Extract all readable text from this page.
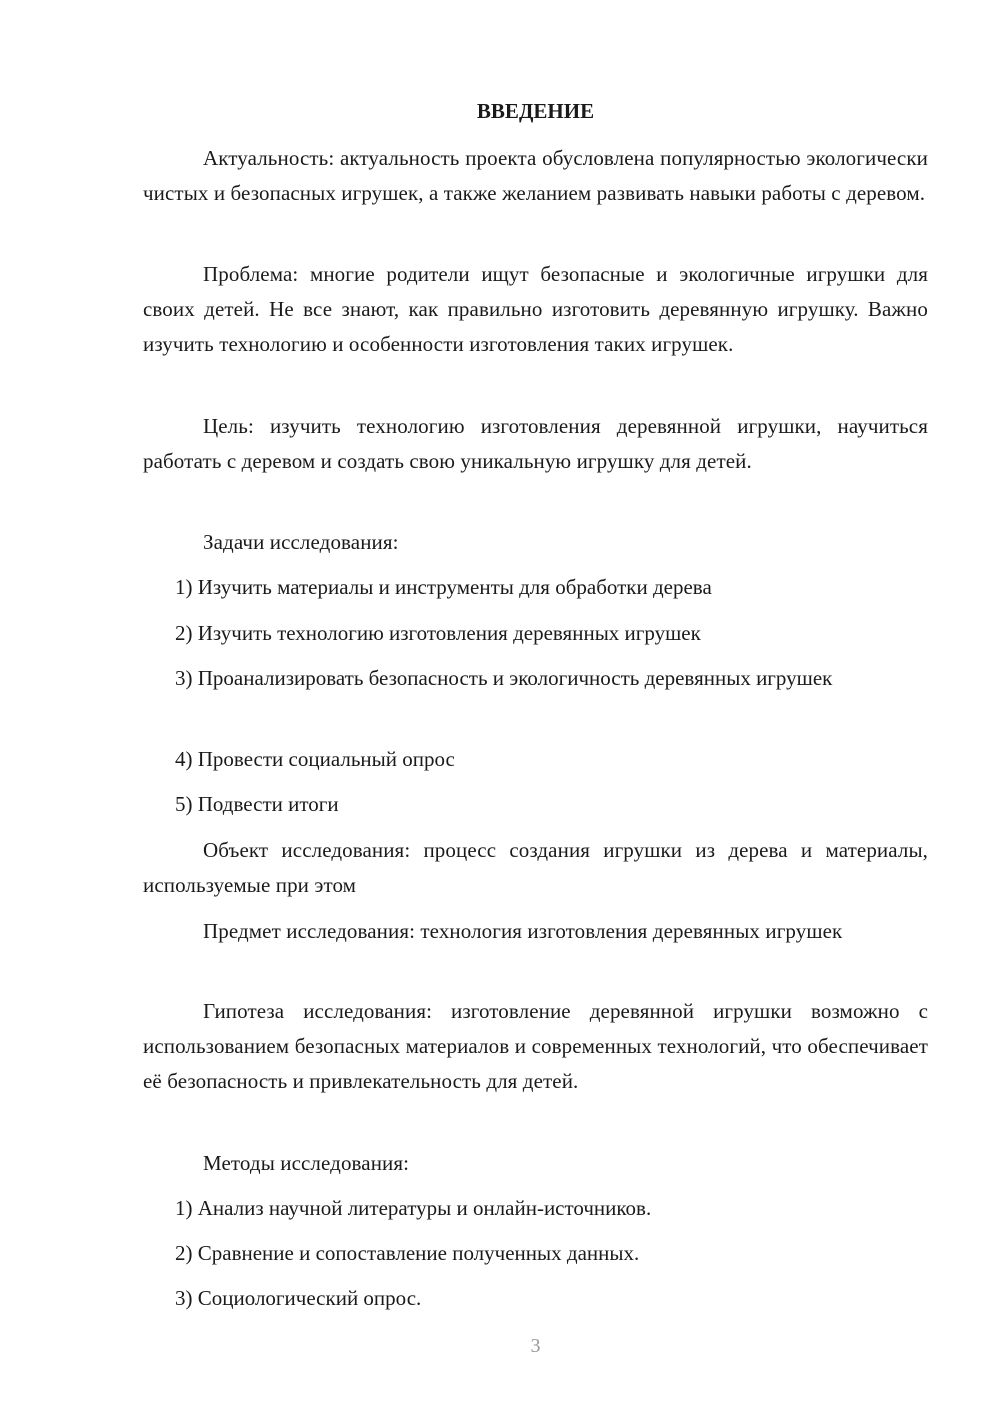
ВВЕДЕНИЕ

Актуальность: актуальность проекта обусловлена популярностью экологически чистых и безопасных игрушек, а также желанием развивать навыки работы с деревом.

Проблема: многие родители ищут безопасные и экологичные игрушки для своих детей. Не все знают, как правильно изготовить деревянную игрушку. Важно изучить технологию и особенности изготовления таких игрушек.

Цель: изучить технологию изготовления деревянной игрушки, научиться работать с деревом и создать свою уникальную игрушку для детей.

Задачи исследования:

1) Изучить материалы и инструменты для обработки дерева

2) Изучить технологию изготовления деревянных игрушек

3) Проанализировать безопасность и экологичность деревянных игрушек

4) Провести социальный опрос

5) Подвести итоги

Объект исследования: процесс создания игрушки из дерева и материалы, используемые при этом

Предмет исследования: технология изготовления деревянных игрушек

Гипотеза исследования: изготовление деревянной игрушки возможно с использованием безопасных материалов и современных технологий, что обеспечивает её безопасность и привлекательность для детей.

Методы исследования:

1) Анализ научной литературы и онлайн-источников.

2) Сравнение и сопоставление полученных данных.

3) Социологический опрос.

3
